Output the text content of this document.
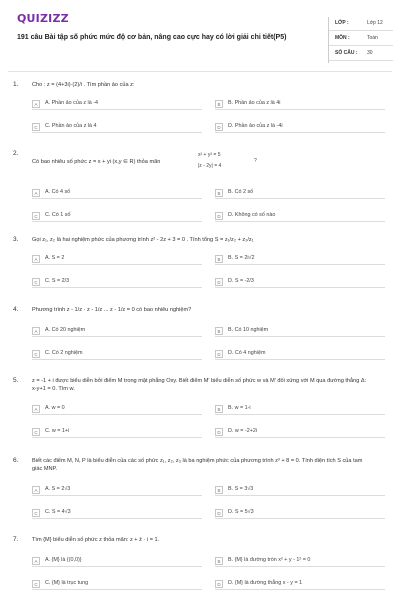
QUIZIZZ
191 câu Bài tập số phức mức độ cơ bản, nâng cao cực hay có lời giải chi tiết(P5)
LỚP :	Lớp 12
MÔN :	Toán
SỐ CÂU : 30
1. Cho : z = (4+3i)·(2)/i . Tìm phần ảo của z:
A	A. Phần ảo của z là -4	B	B. Phần ảo của z là 4i
C	C. Phần ảo của z là 4	D	D. Phần ảo của z là -4i
2.
Có bao nhiêu số phức z = x + yi (x,y ∈ R) thỏa mãn
x² + y² = 5
|z - 2y| = 4
?
A	A. Có 4 số	B	B. Có 2 số
C	C. Có 1 số	D	D. Không có số nào
3. Gọi z₁, z₂ là hai nghiệm phức của phương trình z² - 2z + 3 = 0 . Tính tổng S = z₁/z₂ + z₂/z₁
A	A. S = 2	B	B. S = 2i√2
C	C. S = 2/3	D	D. S = -2/3
4. Phương trình z - 1/z · z - 1/z ... z - 1/z = 0 có bao nhiêu nghiệm?
A	A. Có 20 nghiệm	B	B. Có 10 nghiệm
C	C. Có 2 nghiệm	D	D. Có 4 nghiệm
5. z = -1 + i được biểu diễn bởi điểm M trong mặt phẳng Oxy. Biết điểm M' biểu diễn số phức w và M' đối xứng với M qua đường thẳng Δ: x-y+1 = 0. Tìm w.
A	A. w = 0	B	B. w = 1-i
C	C. w = 1+i	D	D. w = -2+2i
6. Biết các điểm M, N, P là biểu diễn của các số phức z₁, z₂, z₃ là ba nghiệm phức của phương trình z³ + 8 = 0. Tính diện tích S của tam giác MNP.
A	A. S = 2√3	B	B. S = 3√3
C	C. S = 4√3	D	D. S = 5√3
7. Tìm {M} biểu diễn số phức z thỏa mãn: z + z̄ · i = 1.
A	A. {M} là {(0,0)}	B	B. {M} là đường tròn x² + y - 1² = 0
C	C. {M} là trục tung	D	D. {M} là đường thẳng x - y = 1
